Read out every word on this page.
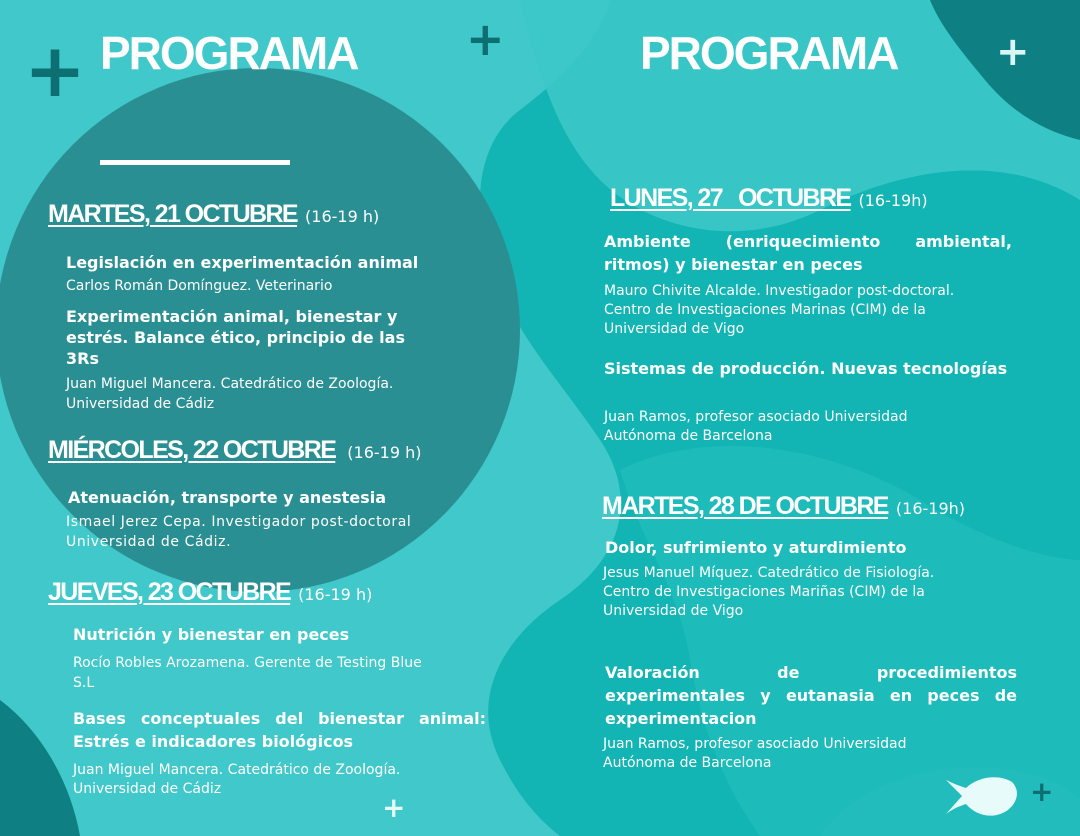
+	+	+
+	+
PROGRAMA
MARTES, 21 OCTUBRE (16-19 h)

Legislación en experimentación animal

Carlos Román Domínguez. Veterinario

Experimentación animal, bienestar y estrés. Balance ético, principio de las 3Rs

Juan Miguel Mancera. Catedrático de Zoología.

Universidad de Cádiz

MIÉRCOLES, 22 OCTUBRE (16-19 h)

Atenuación, transporte y anestesia

Ismael Jerez Cepa. Investigador post-doctoral

Universidad de Cádiz.

JUEVES, 23 OCTUBRE (16-19 h)

Nutrición y bienestar en peces

Rocío Robles Arozamena. Gerente de Testing Blue

S.L

Bases conceptuales del bienestar animal: Estrés e indicadores biológicos

Juan Miguel Mancera. Catedrático de Zoología.

Universidad de Cádiz

PROGRAMA
LUNES, 27   OCTUBRE (16-19h)

Ambiente (enriquecimiento ambiental, ritmos) y bienestar en peces

Mauro Chivite Alcalde. Investigador post-doctoral.

Centro de Investigaciones Marinas (CIM) de la

Universidad de Vigo

Sistemas de producción. Nuevas tecnologías

Juan Ramos, profesor asociado Universidad

Autónoma de Barcelona

MARTES, 28 DE OCTUBRE (16-19h)

Dolor, sufrimiento y aturdimiento

Jesus Manuel Míquez. Catedrático de Fisiología.

Centro de Investigaciones Mariñas (CIM) de la

Universidad de Vigo

Valoración de procedimientos experimentales y eutanasia en peces de experimentacion

Juan Ramos, profesor asociado Universidad

Autónoma de Barcelona
